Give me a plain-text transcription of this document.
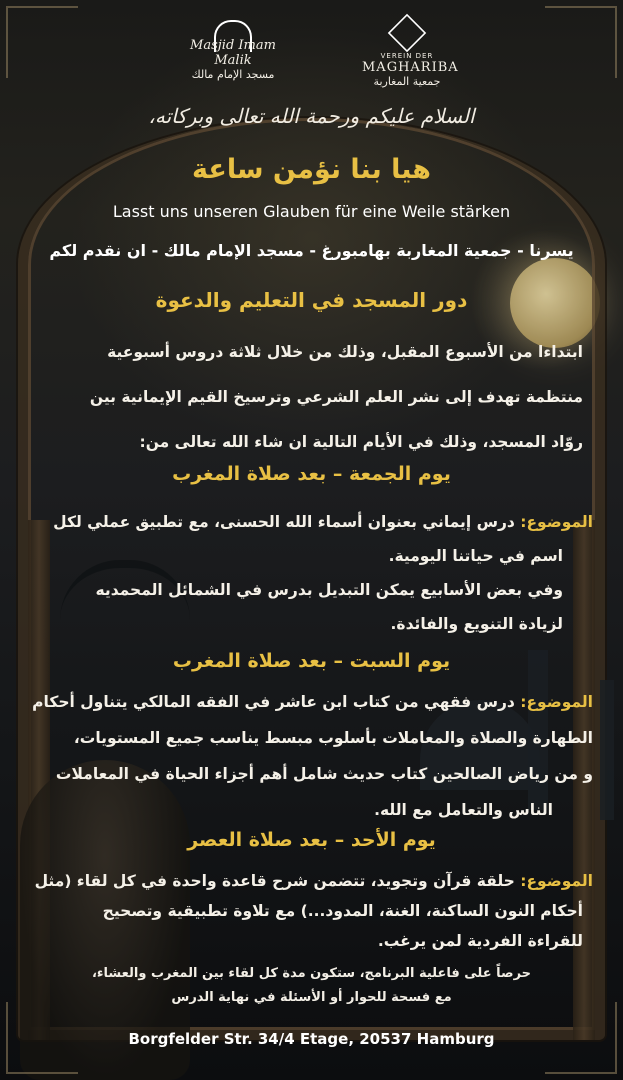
Masjid Imam Malik
مسجد الإمام مالك
VEREIN DER
MAGHARIBA
جمعية المغاربة
السلام عليكم ورحمة الله تعالى وبركاته،
هيا بنا نؤمن ساعة
Lasst uns unseren Glauben für eine Weile stärken
يسرنا - جمعية المغاربة بهامبورغ - مسجد الإمام مالك - ان نقدم لكم
دور المسجد في التعليم والدعوة
ابتداءا من الأسبوع المقبل، وذلك من خلال ثلاثة دروس أسبوعية
منتظمة تهدف إلى نشر العلم الشرعي وترسيخ القيم الإيمانية بين
روّاد المسجد، وذلك في الأيام التالية ان شاء الله تعالى من:
يوم الجمعة – بعد صلاة المغرب
الموضوع: درس إيماني بعنوان أسماء الله الحسنى، مع تطبيق عملي لكل
اسم في حياتنا اليومية.
وفي بعض الأسابيع يمكن التبديل بدرس في الشمائل المحمديه
لزيادة التنويع والفائدة.
يوم السبت – بعد صلاة المغرب
الموضوع: درس فقهي من كتاب ابن عاشر في الفقه المالكي يتناول أحكام
الطهارة والصلاة والمعاملات بأسلوب مبسط يناسب جميع المستويات،
و من رياض الصالحين كتاب حديث شامل أهم أجزاء الحياة في المعاملات
الناس والتعامل مع الله.
يوم الأحد – بعد صلاة العصر
الموضوع: حلقة قرآن وتجويد، تتضمن شرح قاعدة واحدة في كل لقاء (مثل
أحكام النون الساكنة، الغنة، المدود...) مع تلاوة تطبيقية وتصحيح
للقراءة الفردية لمن يرغب.
حرصاً على فاعلية البرنامج، ستكون مدة كل لقاء بين المغرب والعشاء،
مع فسحة للحوار أو الأسئلة في نهاية الدرس
Borgfelder Str. 34/4 Etage, 20537 Hamburg
